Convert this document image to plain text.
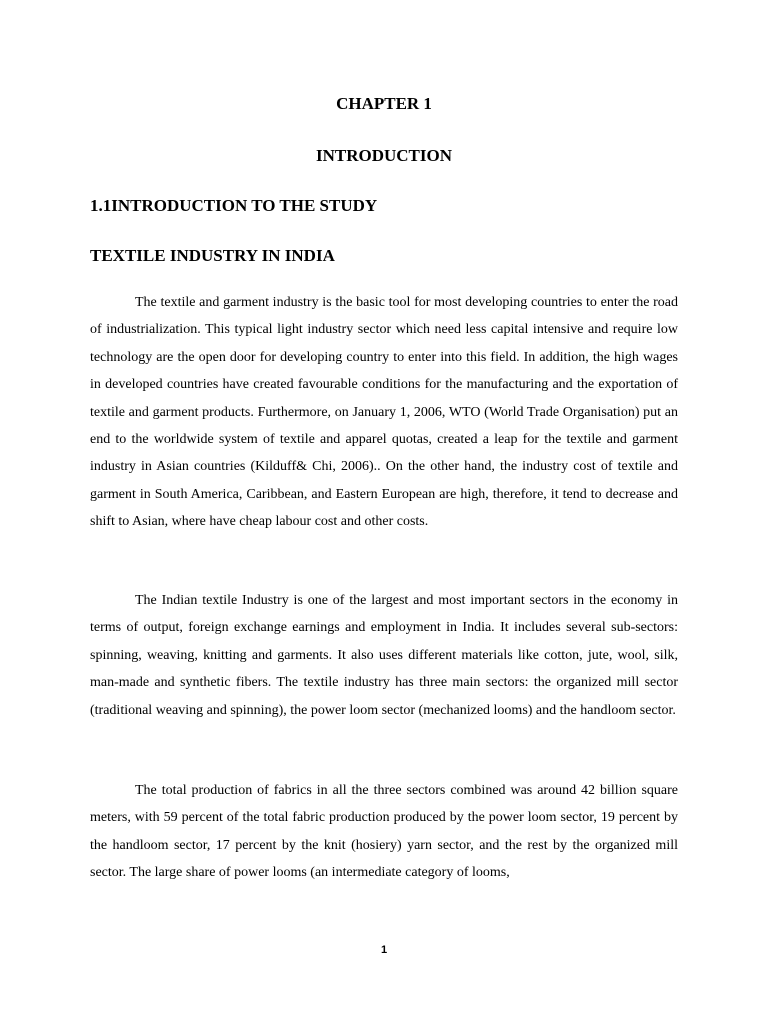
CHAPTER 1
INTRODUCTION
1.1INTRODUCTION TO THE STUDY
TEXTILE INDUSTRY IN INDIA

The textile and garment industry is the basic tool for most developing countries to enter the road of industrialization. This typical light industry sector which need less capital intensive and require low technology are the open door for developing country to enter into this field. In addition, the high wages in developed countries have created favourable conditions for the manufacturing and the exportation of textile and garment products. Furthermore, on January 1, 2006, WTO (World Trade Organisation) put an end to the worldwide system of textile and apparel quotas, created a leap for the textile and garment industry in Asian countries (Kilduff& Chi, 2006).. On the other hand, the industry cost of textile and garment in South America, Caribbean, and Eastern European are high, therefore, it tend to decrease and shift to Asian, where have cheap labour cost and other costs.

The Indian textile Industry is one of the largest and most important sectors in the economy in terms of output, foreign exchange earnings and employment in India. It includes several sub-sectors: spinning, weaving, knitting and garments. It also uses different materials like cotton, jute, wool, silk, man-made and synthetic fibers. The textile industry has three main sectors: the organized mill sector (traditional weaving and spinning), the power loom sector (mechanized looms) and the handloom sector.

The total production of fabrics in all the three sectors combined was around 42 billion square meters, with 59 percent of the total fabric production produced by the power loom sector, 19 percent by the handloom sector, 17 percent by the knit (hosiery) yarn sector, and the rest by the organized mill sector. The large share of power looms (an intermediate category of looms,

1
